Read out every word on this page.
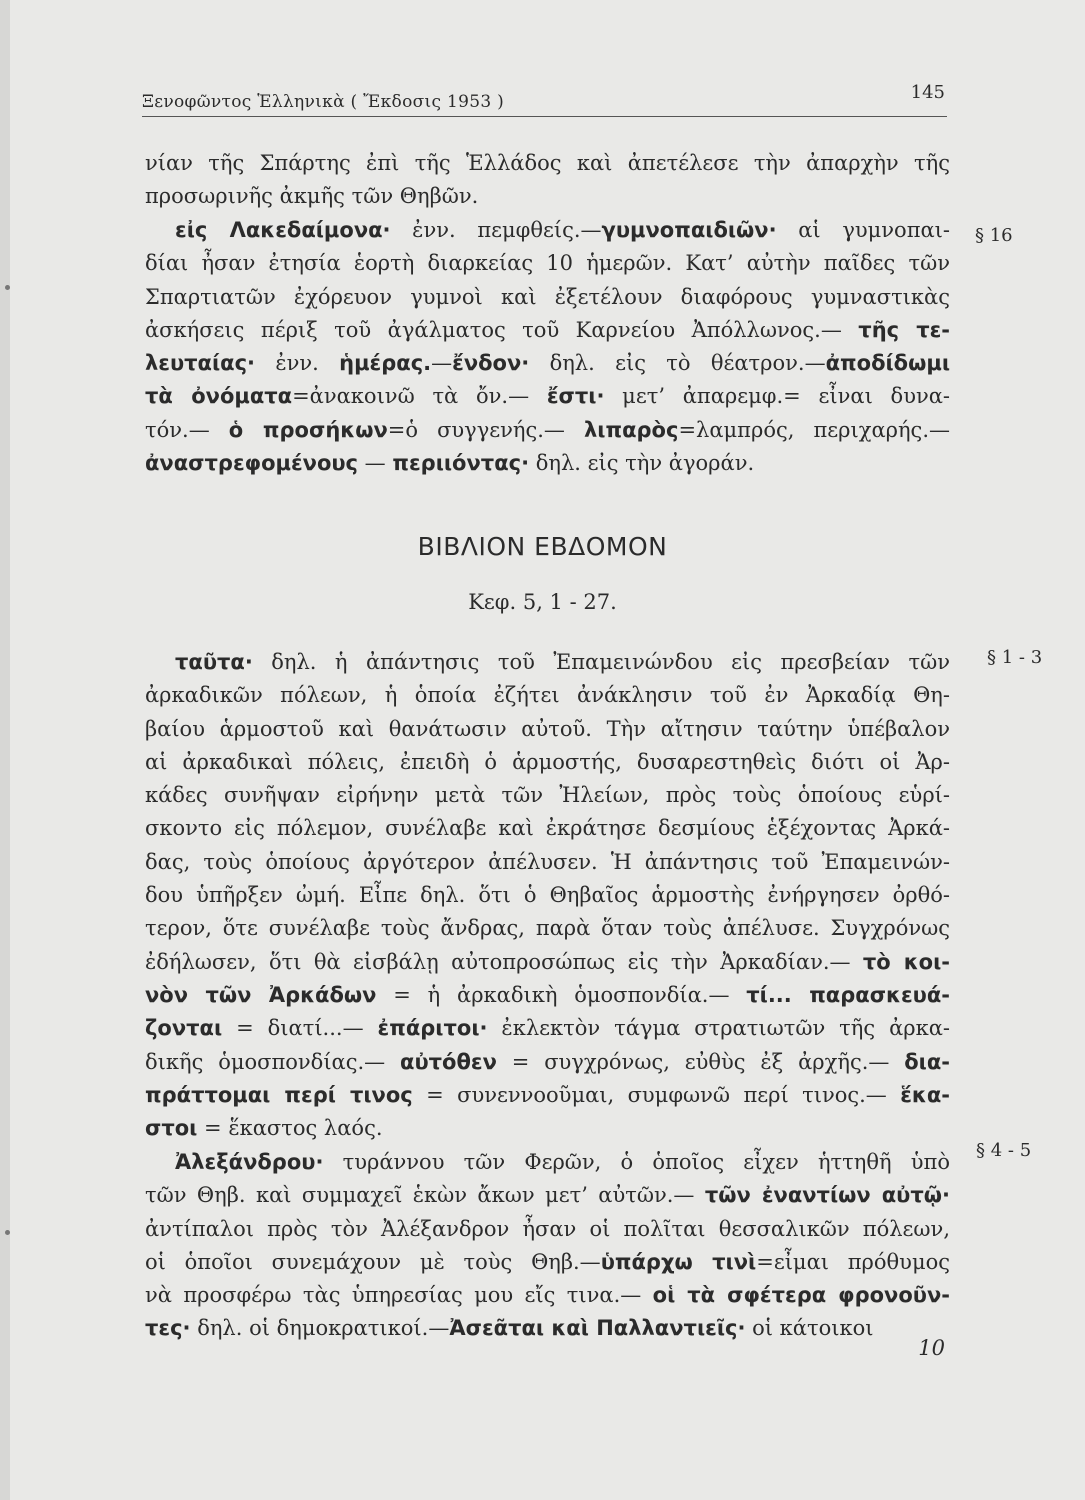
Ξενοφῶντος Ἑλληνικὰ ( Ἔκδοσις 1953 )	145
νίαν τῆς Σπάρτης ἐπὶ τῆς Ἑλλάδος καὶ ἀπετέλεσε τὴν ἀπαρχὴν τῆς
προσωρινῆς ἀκμῆς τῶν Θηβῶν.
εἰς Λακεδαίμονα· ἐνν. πεμφθείς.—γυμνοπαιδιῶν· αἱ γυμνοπαι-
δίαι ἦσαν ἐτησία ἑορτὴ διαρκείας 10 ἡμερῶν. Κατ’ αὐτὴν παῖδες τῶν
Σπαρτιατῶν ἐχόρευον γυμνοὶ καὶ ἐξετέλουν διαφόρους γυμναστικὰς
ἀσκήσεις πέριξ τοῦ ἀγάλματος τοῦ Καρνείου Ἀπόλλωνος.— τῆς τε-
λευταίας· ἐνν. ἡμέρας.—ἔνδον· δηλ. εἰς τὸ θέατρον.—ἀποδίδωμι
τὰ ὀνόματα=ἀνακοινῶ τὰ ὄν.— ἔστι· μετ’ ἀπαρεμφ.= εἶναι δυνα-
τόν.— ὁ προσήκων=ὁ συγγενής.— λιπαρὸς=λαμπρός, περιχαρής.—
ἀναστρεφομένους — περιιόντας· δηλ. εἰς τὴν ἀγοράν.
§ 16
ΒΙΒΛΙΟΝ ΕΒΔΟΜΟΝ
Κεφ. 5, 1 - 27.
ταῦτα· δηλ. ἡ ἀπάντησις τοῦ Ἐπαμεινώνδου εἰς πρεσβείαν τῶν
ἀρκαδικῶν πόλεων, ἡ ὁποία ἐζήτει ἀνάκλησιν τοῦ ἐν Ἀρκαδίᾳ Θη-
βαίου ἁρμοστοῦ καὶ θανάτωσιν αὐτοῦ. Τὴν αἴτησιν ταύτην ὑπέβαλον
αἱ ἀρκαδικαὶ πόλεις, ἐπειδὴ ὁ ἁρμοστής, δυσαρεστηθεὶς διότι οἱ Ἀρ-
κάδες συνῆψαν εἰρήνην μετὰ τῶν Ἠλείων, πρὸς τοὺς ὁποίους εὑρί-
σκοντο εἰς πόλεμον, συνέλαβε καὶ ἐκράτησε δεσμίους ἑξέχοντας Ἀρκά-
δας, τοὺς ὁποίους ἀργότερον ἀπέλυσεν. Ἡ ἀπάντησις τοῦ Ἐπαμεινών-
δου ὑπῆρξεν ὠμή. Εἶπε δηλ. ὅτι ὁ Θηβαῖος ἁρμοστὴς ἐνήργησεν ὀρθό-
τερον, ὅτε συνέλαβε τοὺς ἄνδρας, παρὰ ὅταν τοὺς ἀπέλυσε. Συγχρόνως
ἐδήλωσεν, ὅτι θὰ εἰσβάλῃ αὐτοπροσώπως εἰς τὴν Ἀρκαδίαν.— τὸ κοι-
νὸν τῶν Ἀρκάδων = ἡ ἀρκαδικὴ ὁμοσπονδία.— τί... παρασκευά-
ζονται = διατί...— ἐπάριτοι· ἐκλεκτὸν τάγμα στρατιωτῶν τῆς ἀρκα-
δικῆς ὁμοσπονδίας.— αὐτόθεν = συγχρόνως, εὐθὺς ἐξ ἀρχῆς.— δια-
πράττομαι περί τινος = συνεννοοῦμαι, συμφωνῶ περί τινος.— ἕκα-
στοι = ἕκαστος λαός.
§ 1 - 3
Ἀλεξάνδρου· τυράννου τῶν Φερῶν, ὁ ὁποῖος εἶχεν ἡττηθῆ ὑπὸ
τῶν Θηβ. καὶ συμμαχεῖ ἑκὼν ἄκων μετ’ αὐτῶν.— τῶν ἐναντίων αὐτῷ·
ἀντίπαλοι πρὸς τὸν Ἀλέξανδρον ἦσαν οἱ πολῖται θεσσαλικῶν πόλεων,
οἱ ὁποῖοι συνεμάχουν μὲ τοὺς Θηβ.—ὑπάρχω τινὶ=εἶμαι πρόθυμος
νὰ προσφέρω τὰς ὑπηρεσίας μου εἴς τινα.— οἱ τὰ σφέτερα φρονοῦν-
τες· δηλ. οἱ δημοκρατικοί.—Ἀσεᾶται καὶ Παλλαντιεῖς· οἱ κάτοικοι
§ 4 - 5
10
